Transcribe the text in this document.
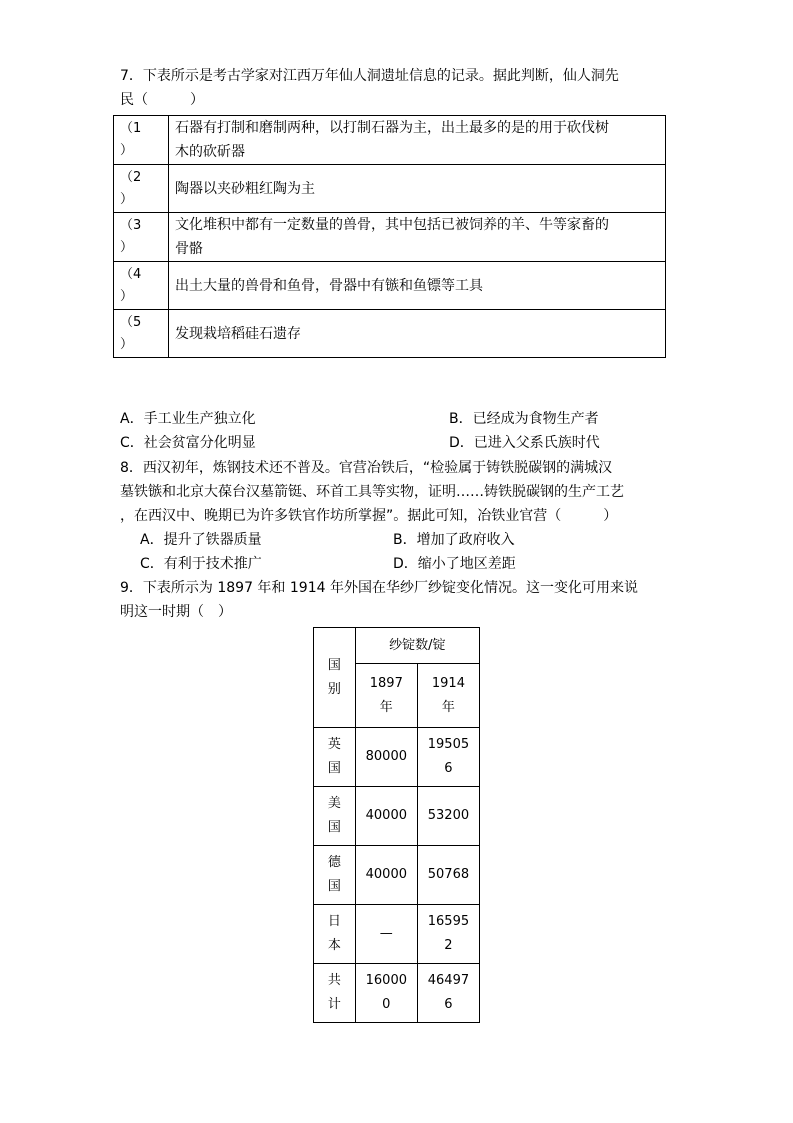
7．下表所示是考古学家对江西万年仙人洞遗址信息的记录。据此判断，仙人洞先
民（　　　）
（1
）	石器有打制和磨制两种，以打制石器为主，出土最多的是的用于砍伐树
木的砍斫器

（2
）	陶器以夹砂粗红陶为主

（3
）	文化堆积中都有一定数量的兽骨，其中包括已被饲养的羊、牛等家畜的
骨骼

（4
）	出土大量的兽骨和鱼骨，骨器中有镞和鱼镖等工具

（5
）	发现栽培稻硅石遗存
A．手工业生产独立化	B．已经成为食物生产者
C．社会贫富分化明显	D．已进入父系氏族时代
8．西汉初年，炼钢技术还不普及。官营冶铁后，“检验属于铸铁脱碳钢的满城汉
墓铁镞和北京大葆台汉墓箭铤、环首工具等实物，证明……铸铁脱碳钢的生产工艺
，在西汉中、晚期已为许多铁官作坊所掌握”。据此可知，冶铁业官营（　　　）
A．提升了铁器质量	B．增加了政府收入
C．有利于技术推广	D．缩小了地区差距
9．下表所示为 1897 年和 1914 年外国在华纱厂纱锭变化情况。这一变化可用来说
明这一时期（　）
国
别	纱锭数/锭	

	1897
年	1914
年

英
国	80000	19505
6

美
国	40000	53200

德
国	40000	50768

日
本	—	16595
2

共
计	16000
0	46497
6
